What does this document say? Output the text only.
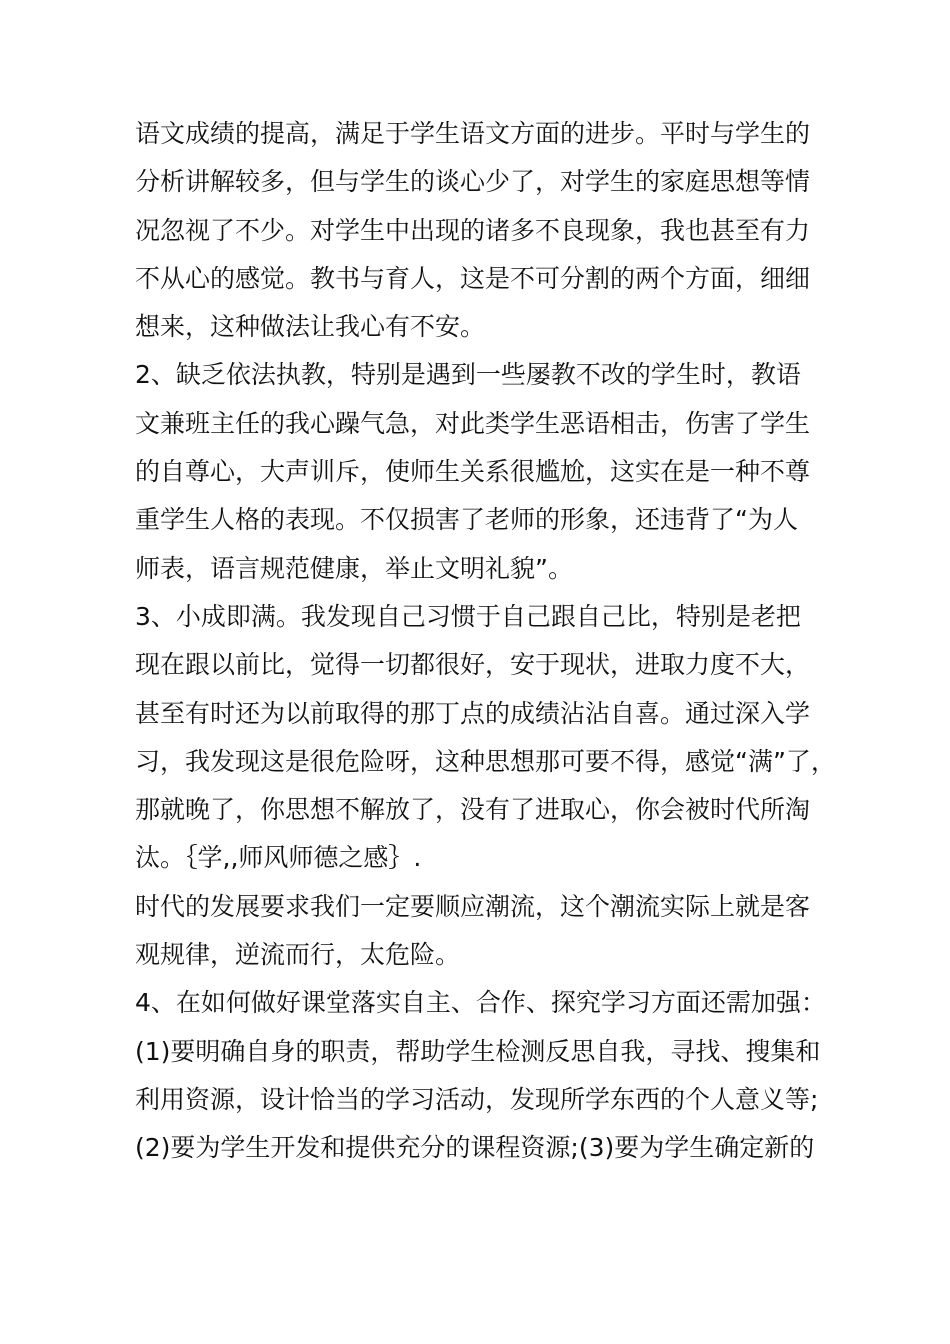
语文成绩的提高，满足于学生语文方面的进步。平时与学生的
分析讲解较多，但与学生的谈心少了，对学生的家庭思想等情
况忽视了不少。对学生中出现的诸多不良现象，我也甚至有力
不从心的感觉。教书与育人，这是不可分割的两个方面，细细
想来，这种做法让我心有不安。
2、缺乏依法执教，特别是遇到一些屡教不改的学生时，教语
文兼班主任的我心躁气急，对此类学生恶语相击，伤害了学生
的自尊心，大声训斥，使师生关系很尴尬，这实在是一种不尊
重学生人格的表现。不仅损害了老师的形象，还违背了“为人
师表，语言规范健康，举止文明礼貌”。
3、小成即满。我发现自己习惯于自己跟自己比，特别是老把
现在跟以前比，觉得一切都很好，安于现状，进取力度不大，
甚至有时还为以前取得的那丁点的成绩沾沾自喜。通过深入学
习，我发现这是很危险呀，这种思想那可要不得，感觉“满”了，
那就晚了，你思想不解放了，没有了进取心，你会被时代所淘
汰。｛学,,师风师德之感｝.
时代的发展要求我们一定要顺应潮流，这个潮流实际上就是客
观规律，逆流而行，太危险。
4、在如何做好课堂落实自主、合作、探究学习方面还需加强：
(1)要明确自身的职责，帮助学生检测反思自我，寻找、搜集和
利用资源，设计恰当的学习活动，发现所学东西的个人意义等;
(2)要为学生开发和提供充分的课程资源;(3)要为学生确定新的
